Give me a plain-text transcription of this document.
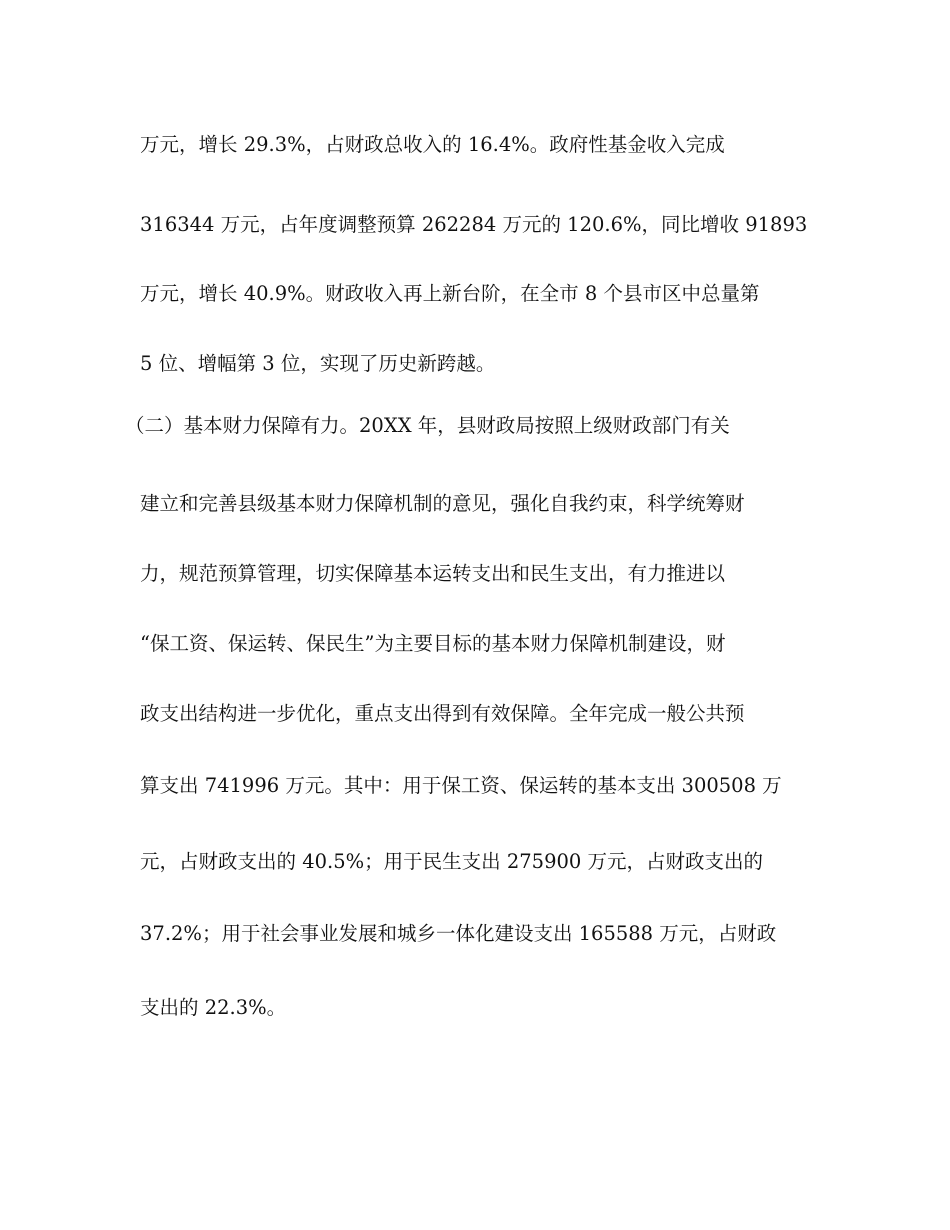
万元，增长 29.3%，占财政总收入的 16.4%。政府性基金收入完成

316344 万元，占年度调整预算 262284 万元的 120.6%，同比增收 91893

万元，增长 40.9%。财政收入再上新台阶，在全市 8 个县市区中总量第

5 位、增幅第 3 位，实现了历史新跨越。

（二）基本财力保障有力。20XX 年，县财政局按照上级财政部门有关

建立和完善县级基本财力保障机制的意见，强化自我约束，科学统筹财

力，规范预算管理，切实保障基本运转支出和民生支出，有力推进以

“保工资、保运转、保民生”为主要目标的基本财力保障机制建设，财

政支出结构进一步优化，重点支出得到有效保障。全年完成一般公共预

算支出 741996 万元。其中：用于保工资、保运转的基本支出 300508 万

元，占财政支出的 40.5%；用于民生支出 275900 万元，占财政支出的

37.2%；用于社会事业发展和城乡一体化建设支出 165588 万元，占财政

支出的 22.3%。
